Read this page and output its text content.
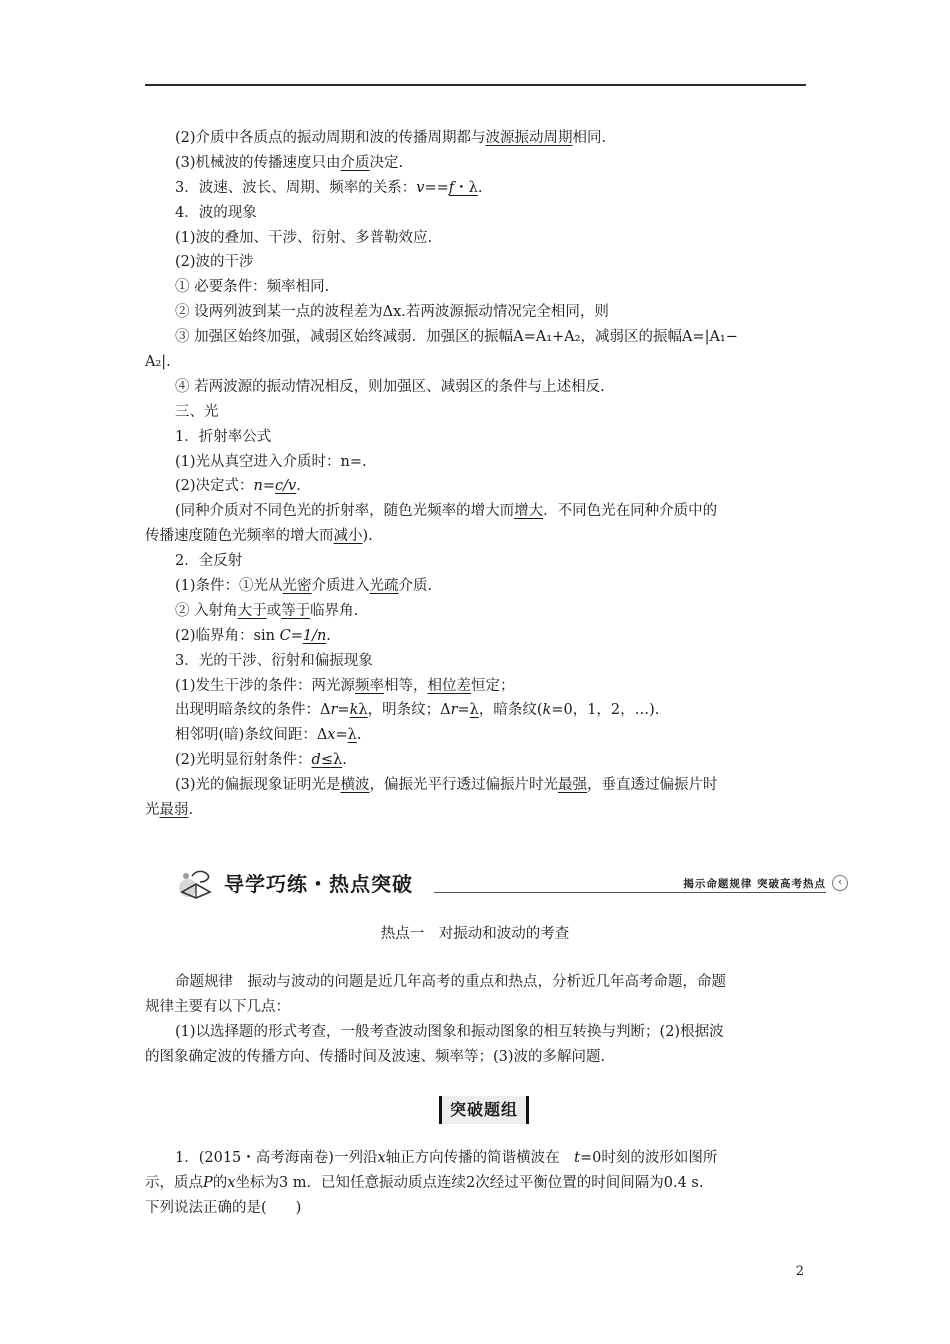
(2)介质中各质点的振动周期和波的传播周期都与波源振动周期相同.
(3)机械波的传播速度只由介质决定.
3．波速、波长、周期、频率的关系：v==f・λ.
4．波的现象
(1)波的叠加、干涉、衍射、多普勒效应.
(2)波的干涉
① 必要条件：频率相同.
② 设两列波到某一点的波程差为Δx.若两波源振动情况完全相同，则
③ 加强区始终加强，减弱区始终减弱．加强区的振幅A=A₁+A₂，减弱区的振幅A=|A₁−
A₂|.
④ 若两波源的振动情况相反，则加强区、减弱区的条件与上述相反.
三、光
1．折射率公式
(1)光从真空进入介质时：n=.
(2)决定式：n=c/v.
(同种介质对不同色光的折射率，随色光频率的增大而增大．不同色光在同种介质中的
传播速度随色光频率的增大而减小).
2．全反射
(1)条件：①光从光密介质进入光疏介质.
② 入射角大于或等于临界角.
(2)临界角：sin C=1/n.
3．光的干涉、衍射和偏振现象
(1)发生干涉的条件：两光源频率相等，相位差恒定；
出现明暗条纹的条件：Δr=kλ，明条纹；Δr=λ，暗条纹(k=0，1，2，…).
相邻明(暗)条纹间距：Δx=λ.
(2)光明显衍射条件：d≤λ.
(3)光的偏振现象证明光是横波，偏振光平行透过偏振片时光最强，垂直透过偏振片时
光最弱.
导学巧练・热点突破	揭示命题规律 突破高考热点	‹
热点一　对振动和波动的考查
命题规律　振动与波动的问题是近几年高考的重点和热点，分析近几年高考命题，命题
规律主要有以下几点：
(1)以选择题的形式考查，一般考查波动图象和振动图象的相互转换与判断；(2)根据波
的图象确定波的传播方向、传播时间及波速、频率等；(3)波的多解问题.
突破题组
1．(2015・高考海南卷)一列沿x轴正方向传播的简谐横波在　t=0时刻的波形如图所
示，质点P的x坐标为3 m．已知任意振动质点连续2次经过平衡位置的时间间隔为0.4 s.
下列说法正确的是(　　)
2
